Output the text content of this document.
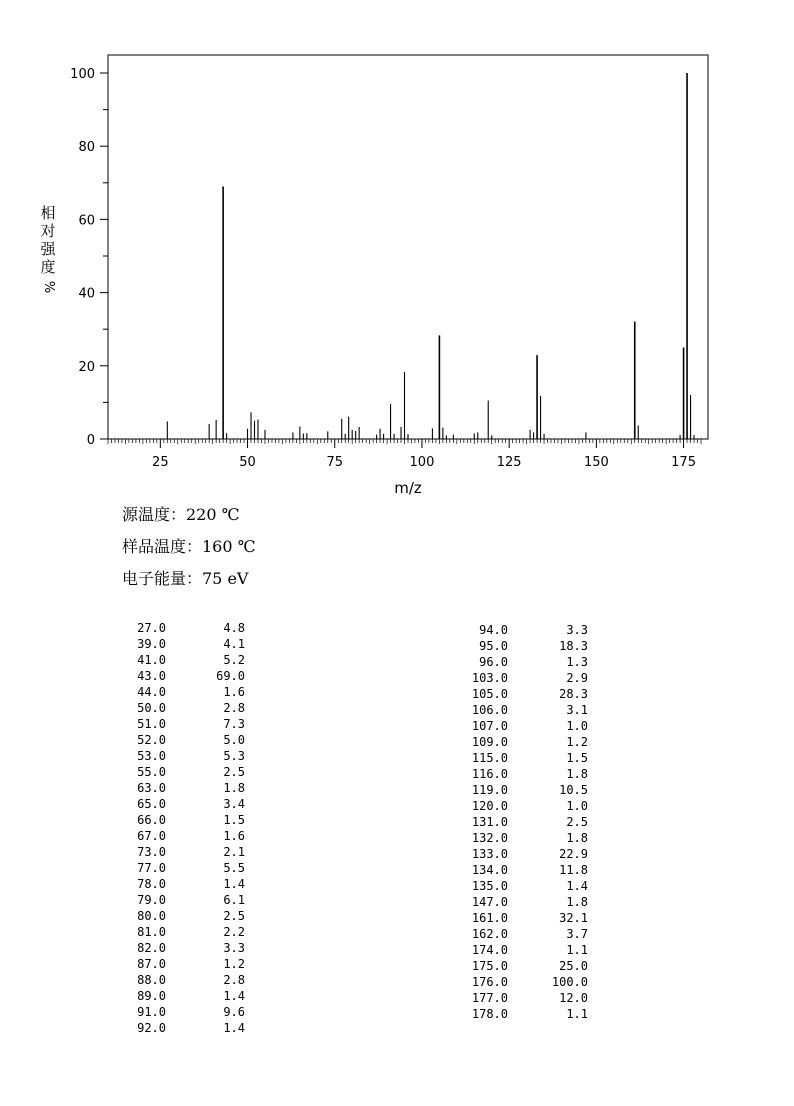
25	50	75	100	125	150	175
0
20
40
60
80
100
m/z
相
对
强
度
%
源温度：220 ℃
样品温度：160 ℃
电子能量：75 eV
27.0	4.8
39.0	4.1
41.0	5.2
43.0	69.0
44.0	1.6
50.0	2.8
51.0	7.3
52.0	5.0
53.0	5.3
55.0	2.5
63.0	1.8
65.0	3.4
66.0	1.5
67.0	1.6
73.0	2.1
77.0	5.5
78.0	1.4
79.0	6.1
80.0	2.5
81.0	2.2
82.0	3.3
87.0	1.2
88.0	2.8
89.0	1.4
91.0	9.6
92.0	1.4
94.0	3.3
95.0	18.3
96.0	1.3
103.0	2.9
105.0	28.3
106.0	3.1
107.0	1.0
109.0	1.2
115.0	1.5
116.0	1.8
119.0	10.5
120.0	1.0
131.0	2.5
132.0	1.8
133.0	22.9
134.0	11.8
135.0	1.4
147.0	1.8
161.0	32.1
162.0	3.7
174.0	1.1
175.0	25.0
176.0	100.0
177.0	12.0
178.0	1.1
